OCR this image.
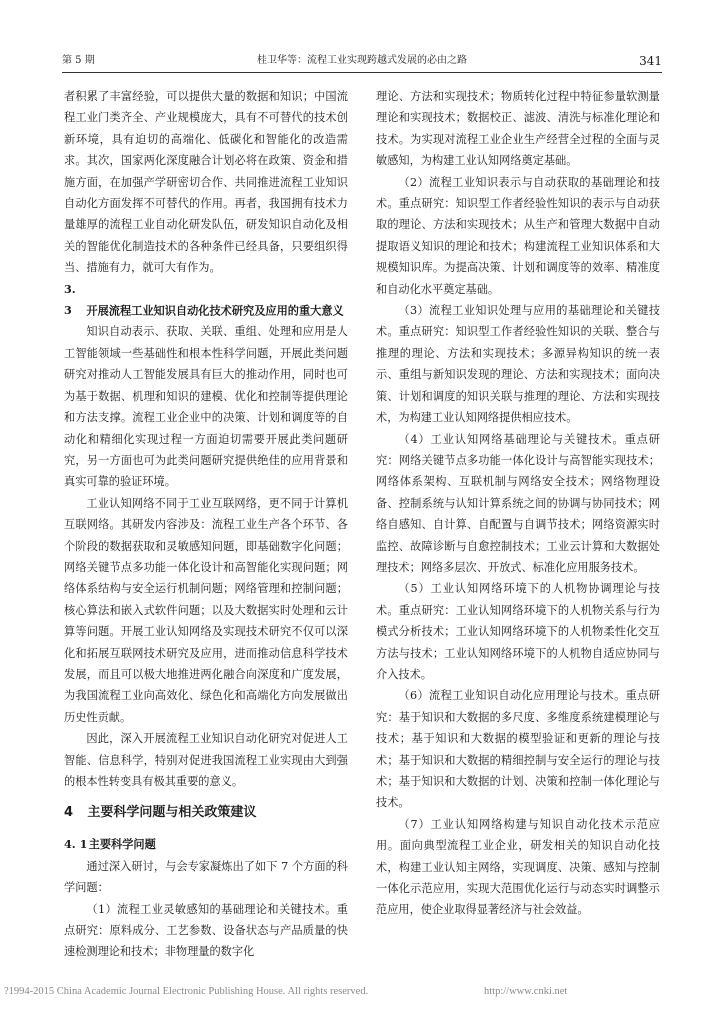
第 5 期	桂卫华等：流程工业实现跨越式发展的必由之路	341

者积累了丰富经验，可以提供大量的数据和知识；中国流程工业门类齐全、产业规模庞大，具有不可替代的技术创新环境，具有迫切的高端化、低碳化和智能化的改造需求。其次，国家两化深度融合计划必将在政策、资金和措施方面，在加强产学研密切合作、共同推进流程工业知识自动化方面发挥不可替代的作用。再者，我国拥有技术力量雄厚的流程工业自动化研发队伍，研发知识自动化及相关的智能优化制造技术的各种条件已经具备，只要组织得当、措施有力，就可大有作为。

3. 3 开展流程工业知识自动化技术研究及应用的重大意义

知识自动表示、获取、关联、重组、处理和应用是人工智能领域一些基础性和根本性科学问题，开展此类问题研究对推动人工智能发展具有巨大的推动作用，同时也可为基于数据、机理和知识的建模、优化和控制等提供理论和方法支撑。流程工业企业中的决策、计划和调度等的自动化和精细化实现过程一方面迫切需要开展此类问题研究，另一方面也可为此类问题研究提供绝佳的应用背景和真实可靠的验证环境。

工业认知网络不同于工业互联网络，更不同于计算机互联网络。其研发内容涉及：流程工业生产各个环节、各个阶段的数据获取和灵敏感知问题，即基础数字化问题；网络关键节点多功能一体化设计和高智能化实现问题；网络体系结构与安全运行机制问题；网络管理和控制问题；核心算法和嵌入式软件问题；以及大数据实时处理和云计算等问题。开展工业认知网络及实现技术研究不仅可以深化和拓展互联网技术研究及应用，进而推动信息科学技术发展，而且可以极大地推进两化融合向深度和广度发展，为我国流程工业向高效化、绿色化和高端化方向发展做出历史性贡献。

因此，深入开展流程工业知识自动化研究对促进人工智能、信息科学，特别对促进我国流程工业实现由大到强的根本性转变具有极其重要的意义。

4 主要科学问题与相关政策建议

4. 1主要科学问题

通过深入研讨，与会专家凝炼出了如下 7 个方面的科学问题：

（1）流程工业灵敏感知的基础理论和关键技术。重点研究：原料成分、工艺参数、设备状态与产品质量的快速检测理论和技术；非物理量的数字化

理论、方法和实现技术；物质转化过程中特征参量软测量理论和实现技术；数据校正、滤波、清洗与标准化理论和技术。为实现对流程工业企业生产经营全过程的全面与灵敏感知，为构建工业认知网络奠定基础。

（2）流程工业知识表示与自动获取的基础理论和技术。重点研究：知识型工作者经验性知识的表示与自动获取的理论、方法和实现技术；从生产和管理大数据中自动提取语义知识的理论和技术；构建流程工业知识体系和大规模知识库。为提高决策、计划和调度等的效率、精准度和自动化水平奠定基础。

（3）流程工业知识处理与应用的基础理论和关键技术。重点研究：知识型工作者经验性知识的关联、整合与推理的理论、方法和实现技术；多源异构知识的统一表示、重组与新知识发现的理论、方法和实现技术；面向决策、计划和调度的知识关联与推理的理论、方法和实现技术，为构建工业认知网络提供相应技术。

（4）工业认知网络基础理论与关键技术。重点研究：网络关键节点多功能一体化设计与高智能实现技术；网络体系架构、互联机制与网络安全技术；网络物理设备、控制系统与认知计算系统之间的协调与协同技术；网络自感知、自计算、自配置与自调节技术；网络资源实时监控、故障诊断与自愈控制技术；工业云计算和大数据处理技术；网络多层次、开放式、标准化应用服务技术。

（5）工业认知网络环境下的人机物协调理论与技术。重点研究：工业认知网络环境下的人机物关系与行为模式分析技术；工业认知网络环境下的人机物柔性化交互方法与技术；工业认知网络环境下的人机物自适应协同与介入技术。

（6）流程工业知识自动化应用理论与技术。重点研究：基于知识和大数据的多尺度、多维度系统建模理论与技术；基于知识和大数据的模型验证和更新的理论与技术；基于知识和大数据的精细控制与安全运行的理论与技术；基于知识和大数据的计划、决策和控制一体化理论与技术。

（7）工业认知网络构建与知识自动化技术示范应用。面向典型流程工业企业，研发相关的知识自动化技术，构建工业认知主网络，实现调度、决策、感知与控制一体化示范应用，实现大范围优化运行与动态实时调整示范应用，使企业取得显著经济与社会效益。

?1994-2015 China Academic Journal Electronic Publishing House. All rights reserved.	http://www.cnki.net
